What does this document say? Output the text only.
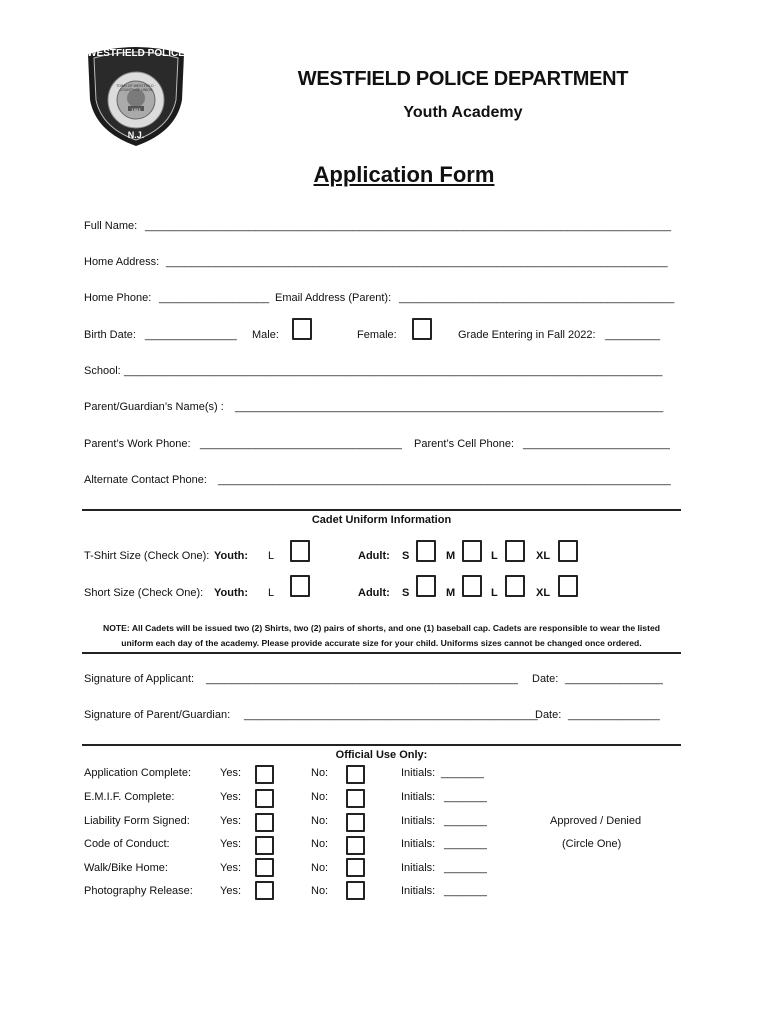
WESTFIELD POLICE
TOWN OF WESTFIELD · COUNTY OF UNION
1903
N.J.
WESTFIELD POLICE DEPARTMENT
Youth Academy
Application Form
Full Name: ______________________________________________________________________________________
Home Address: __________________________________________________________________________________
Home Phone: __________________ Email Address (Parent): _____________________________________________
Birth Date: _______________ Male:	Female:	Grade Entering in Fall 2022: _________
School: ________________________________________________________________________________________
Parent/Guardian’s Name(s) : ______________________________________________________________________
Parent’s Work Phone: _________________________________ Parent’s Cell Phone: ________________________
Alternate Contact Phone: __________________________________________________________________________
Cadet Uniform Information
T-Shirt Size (Check One): Youth: L	Adult: S	M	L	XL
Short Size (Check One): Youth: L	Adult: S	M	L	XL
NOTE: All Cadets will be issued two (2) Shirts, two (2) pairs of shorts, and one (1) baseball cap. Cadets are responsible to wear the listed
uniform each day of the academy. Please provide accurate size for your child. Uniforms sizes cannot be changed once ordered.
Signature of Applicant: ___________________________________________________ Date: ________________
Signature of Parent/Guardian: ________________________________________________
Date: _______________
Official Use Only:
Application Complete:	Yes:	No:	Initials: _______
E.M.I.F. Complete:	Yes:	No:	Initials: _______
Liability Form Signed:	Yes:	No:	Initials: _______	Approved / Denied
Code of Conduct:	Yes:	No:	Initials: _______	(Circle One)
Walk/Bike Home:	Yes:	No:	Initials: _______
Photography Release: Yes:	No:	Initials: _______
